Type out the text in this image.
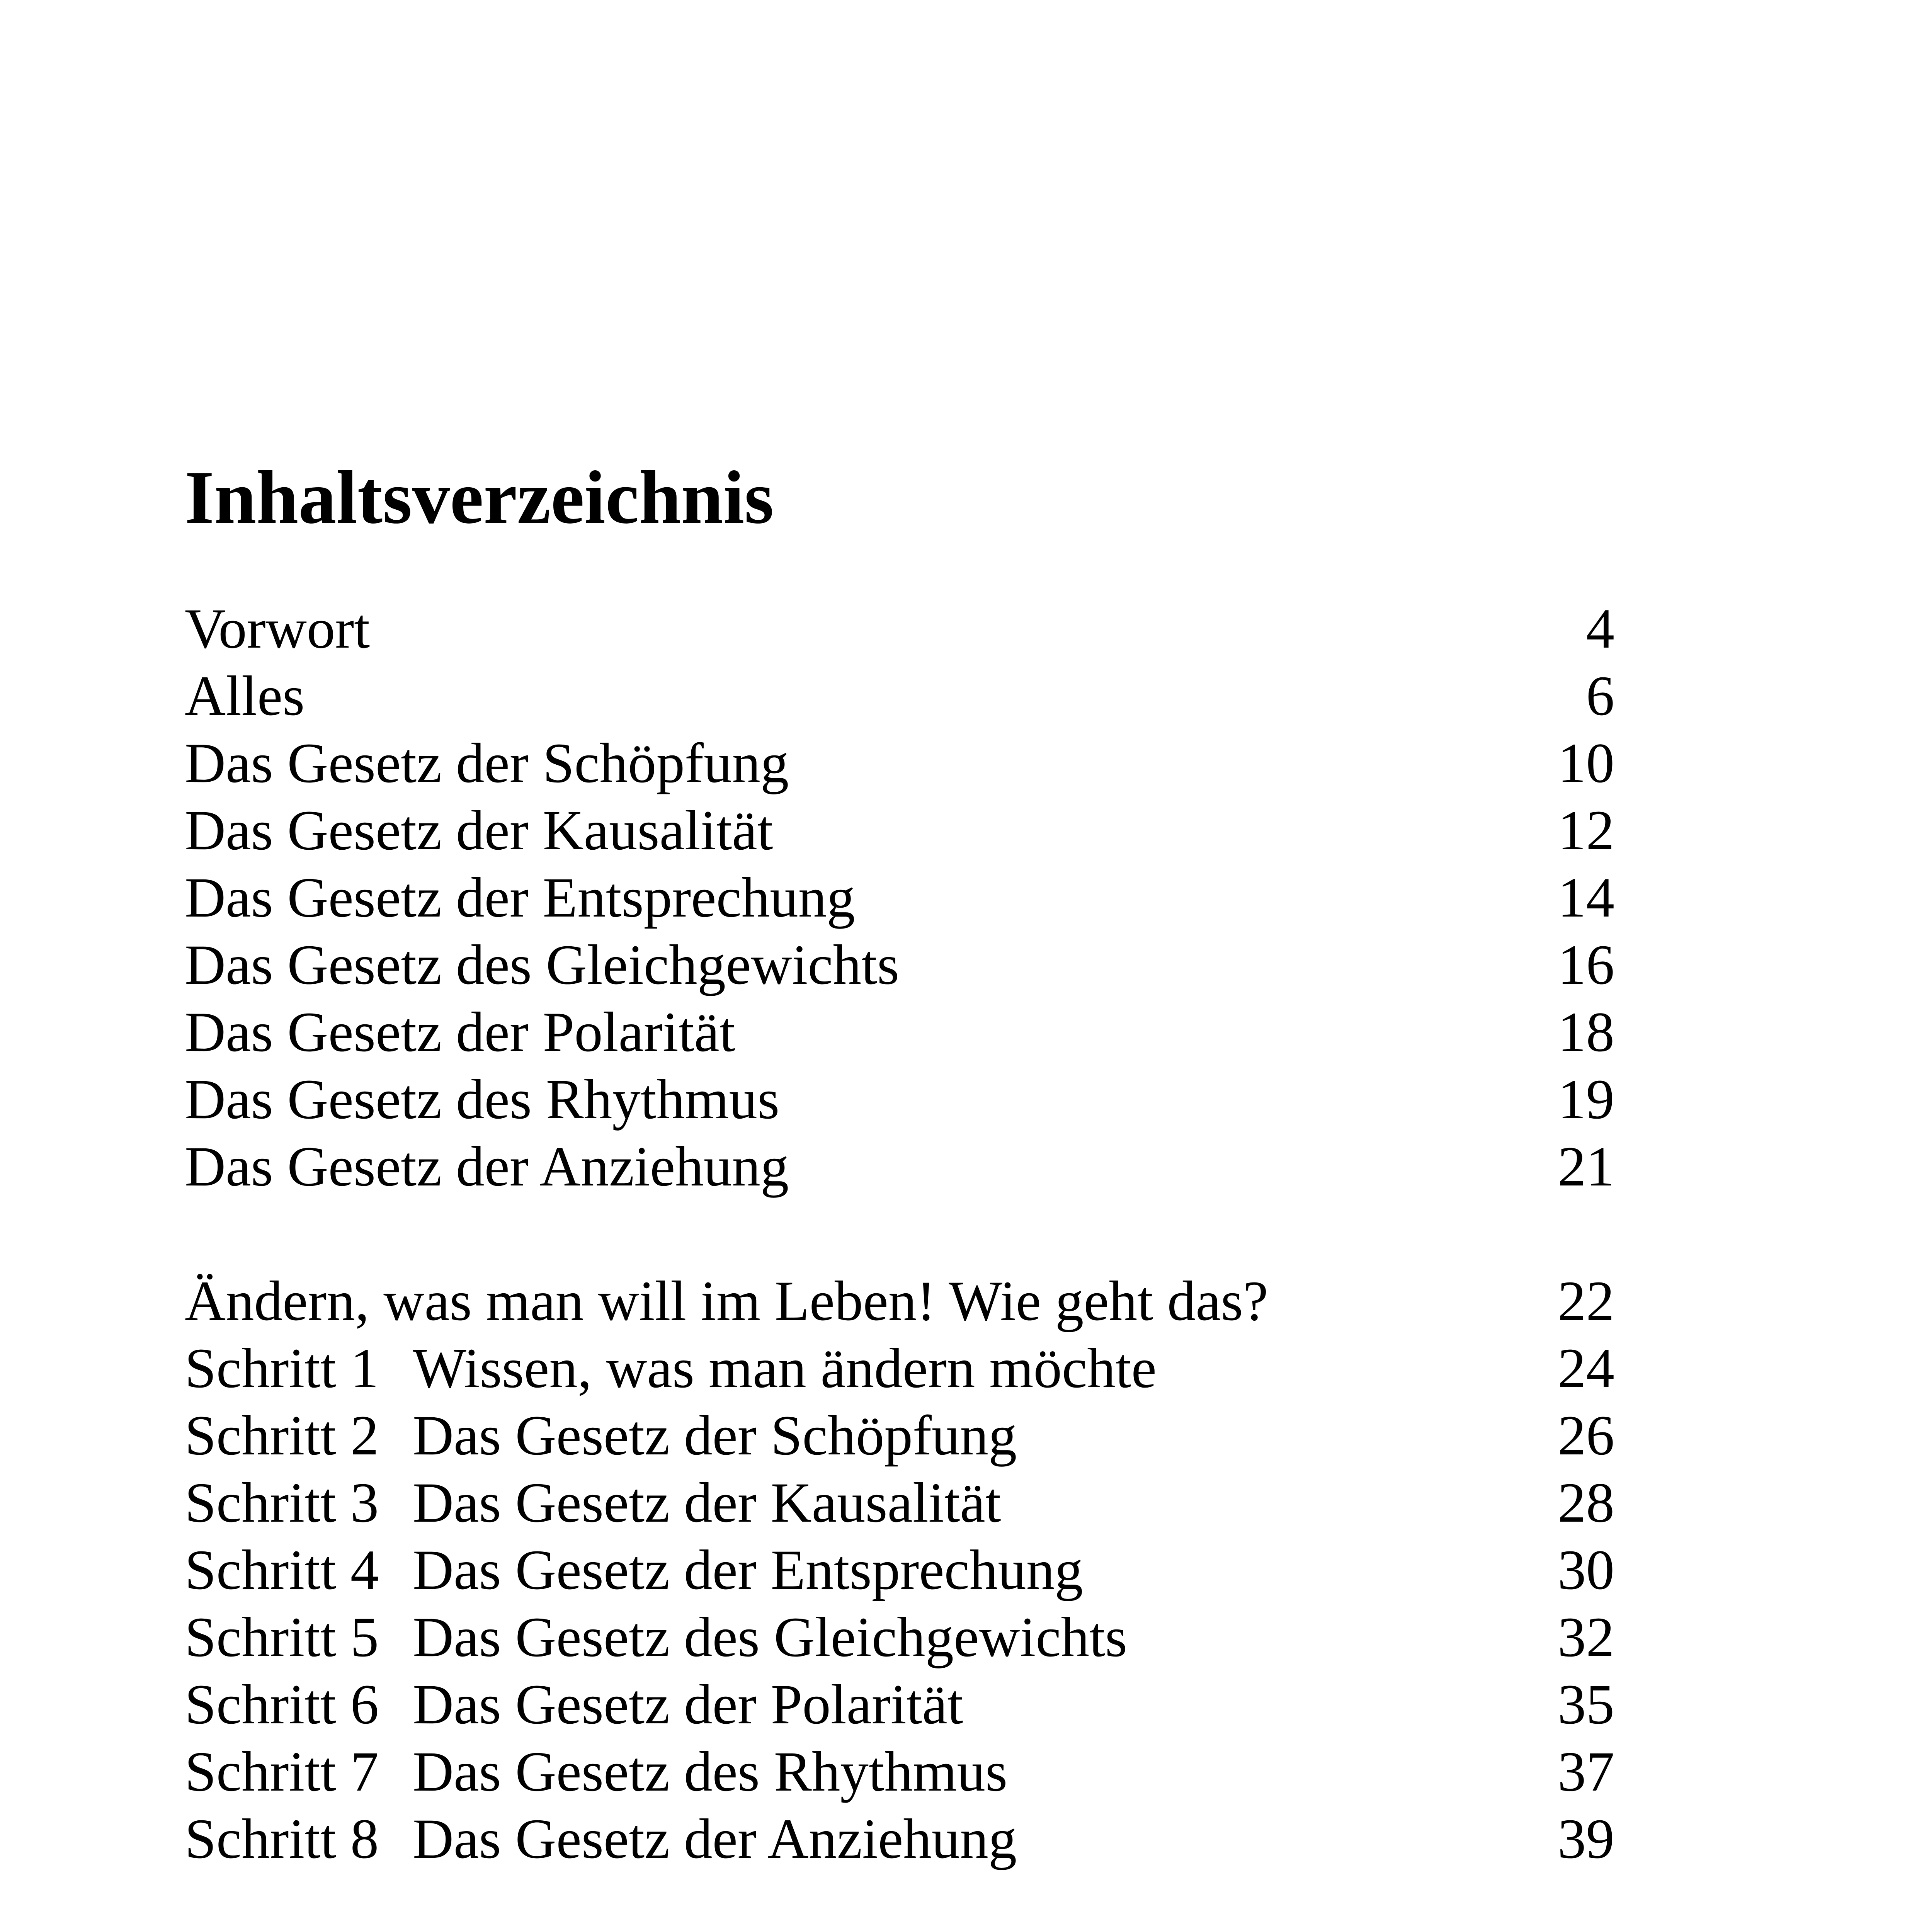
Inhaltsverzeichnis
Vorwort	4
Alles	6
Das Gesetz der Schöpfung	10
Das Gesetz der Kausalität	12
Das Gesetz der Entsprechung	14
Das Gesetz des Gleichgewichts	16
Das Gesetz der Polarität	18
Das Gesetz des Rhythmus	19
Das Gesetz der Anziehung	21
Ändern, was man will im Leben! Wie geht das?	22
Schritt 1 Wissen, was man ändern möchte	24
Schritt 2 Das Gesetz der Schöpfung	26
Schritt 3 Das Gesetz der Kausalität	28
Schritt 4 Das Gesetz der Entsprechung	30
Schritt 5 Das Gesetz des Gleichgewichts	32
Schritt 6 Das Gesetz der Polarität	35
Schritt 7 Das Gesetz des Rhythmus	37
Schritt 8 Das Gesetz der Anziehung	39
